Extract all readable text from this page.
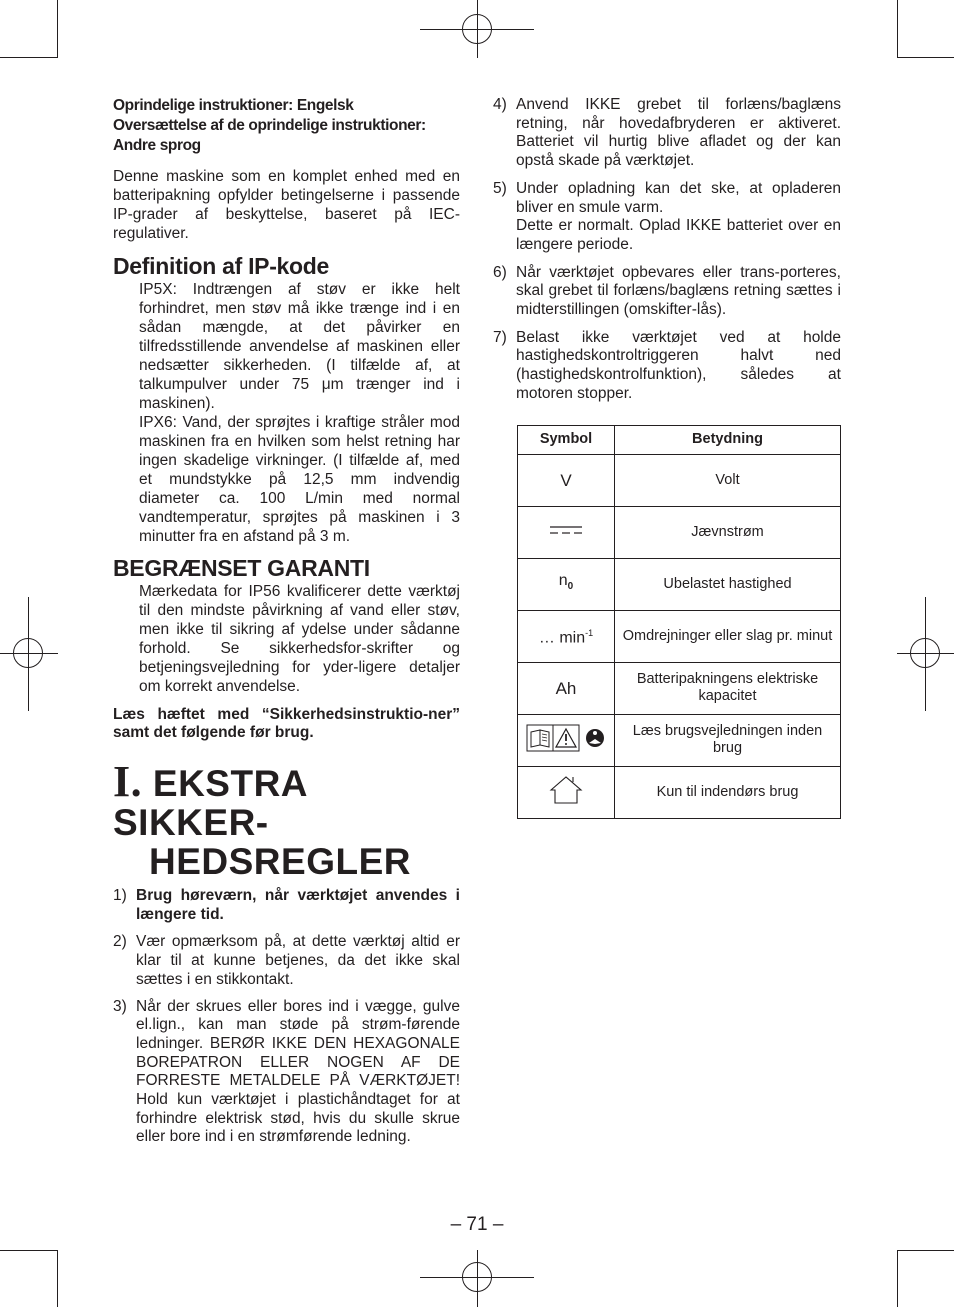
Oprindelige instruktioner: Engelsk

Oversættelse af de oprindelige instruktioner:

Andre sprog

Denne maskine som en komplet enhed med en batteripakning opfylder betingelserne i passende IP-grader af beskyttelse, baseret på IEC-regulativer.

Definition af IP-kode

IP5X: Indtrængen af støv er ikke helt forhindret, men støv må ikke trænge ind i en sådan mængde, at det påvirker en tilfredsstillende anvendelse af maskinen eller nedsætter sikkerheden. (I tilfælde af, at talkumpulver under 75 μm trænger ind i maskinen).

IPX6: Vand, der sprøjtes i kraftige stråler mod maskinen fra en hvilken som helst retning har ingen skadelige virkninger. (I tilfælde af, med et mundstykke på 12,5 mm indvendig diameter ca. 100 L/min med normal vandtemperatur, sprøjtes på maskinen i 3 minutter fra en afstand på 3 m.

BEGRÆNSET GARANTI

Mærkedata for IP56 kvalificerer dette værktøj til den mindste påvirkning af vand eller støv, men ikke til sikring af ydelse under sådanne forhold. Se sikkerhedsfor-skrifter og betjeningsvejledning for yder-ligere detaljer om korrekt anvendelse.

Læs hæftet med “Sikkerhedsinstruktio-ner” samt det følgende før brug.

I. EKSTRA SIKKER-

HEDSREGLER

1) Brug høreværn, når værktøjet anvendes i længere tid.
2) Vær opmærksom på, at dette værktøj altid er klar til at kunne betjenes, da det ikke skal sættes i en stikkontakt.
3) Når der skrues eller bores ind i vægge, gulve el.lign., kan man støde på strøm-førende ledninger. BERØR IKKE DEN HEXAGONALE BOREPATRON ELLER NOGEN AF DE FORRESTE METALDELE PÅ VÆRKTØJET! Hold kun værktøjet i plastichåndtaget for at forhindre elektrisk stød, hvis du skulle skrue eller bore ind i en strømførende ledning.
4) Anvend IKKE grebet til forlæns/baglæns retning, når hovedafbryderen er aktiveret. Batteriet vil hurtig blive afladet og der kan opstå skade på værktøjet.
5) Under opladning kan det ske, at opladeren bliver en smule varm.
Dette er normalt. Oplad IKKE batteriet over en længere periode.
6) Når værktøjet opbevares eller trans-porteres, skal grebet til forlæns/baglæns retning sættes i midterstillingen (omskifter-lås).
7) Belast ikke værktøjet ved at holde hastighedskontroltriggeren halvt ned (hastighedskontrolfunktion), således at motoren stopper.
Symbol	Betydning
V	Volt
	Jævnstrøm
$n_0$	Ubelastet hastighed
… $\min^{-1}$	Omdrejninger eller slag pr. minut
Ah	Batteripakningens elektriske kapacitet
	Læs brugsvejledningen inden brug
	Kun til indendørs brug
– 71 –
